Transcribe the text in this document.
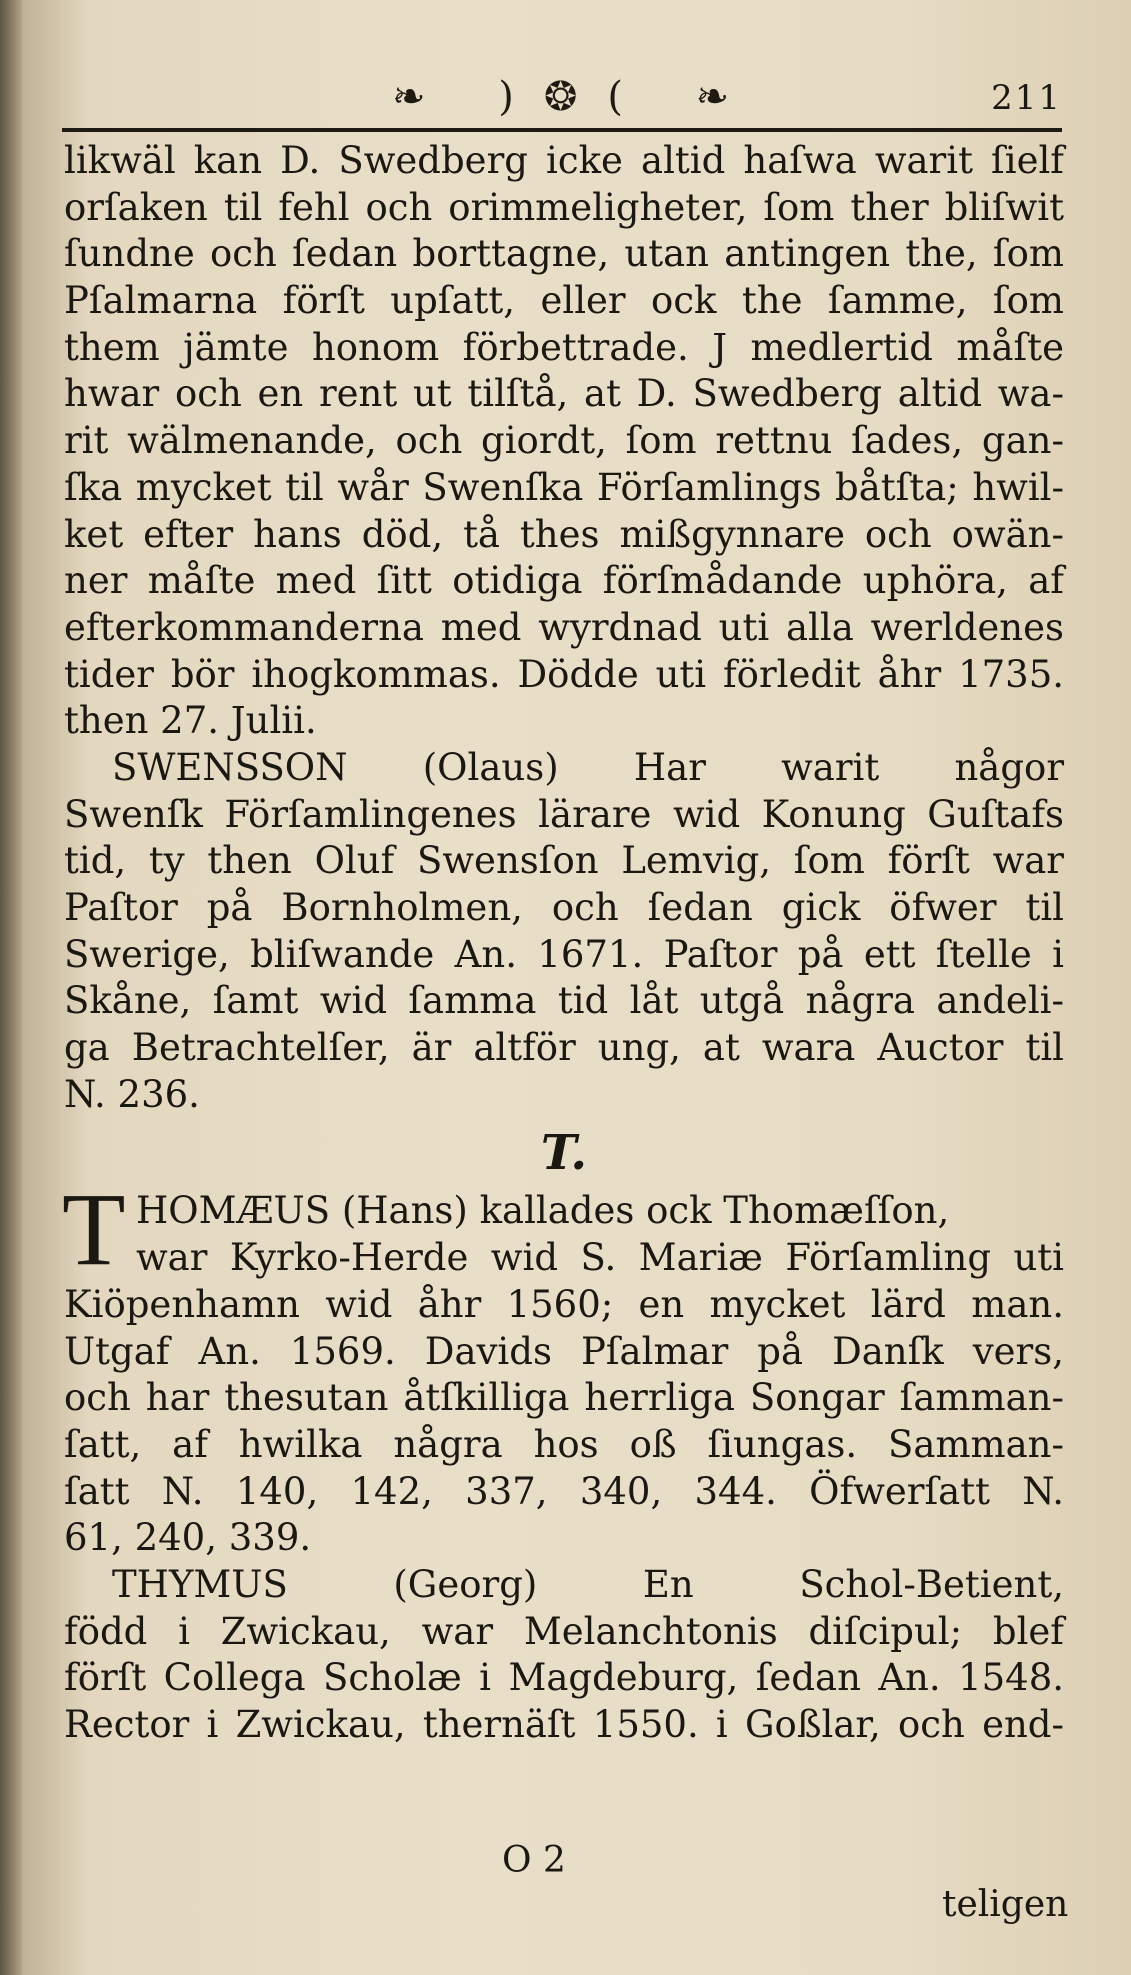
❧ )❂( ❧	211
likwäl kan D. Swedberg icke altid haſwa warit ſielf
orſaken til fehl och orimmeligheter, ſom ther bliſwit
ſundne och ſedan borttagne, utan antingen the, ſom
Pſalmarna förſt upſatt, eller ock the ſamme, ſom
them jämte honom förbettrade. J medlertid måſte
hwar och en rent ut tilſtå, at D. Swedberg altid wa-
rit wälmenande, och giordt, ſom rettnu ſades, gan-
ſka mycket til wår Swenſka Förſamlings båtſta; hwil-
ket efter hans död, tå thes mißgynnare och owän-
ner måſte med ſitt otidiga förſmådande uphöra, af
efterkommanderna med wyrdnad uti alla werldenes
tider bör ihogkommas. Dödde uti förledit åhr 1735.
then 27. Julii.
SWENSSON (Olaus) Har warit någor
Swenſk Förſamlingenes lärare wid Konung Guſtafs
tid, ty then Oluf Swensſon Lemvig, ſom förſt war
Paſtor på Bornholmen, och ſedan gick öfwer til
Swerige, bliſwande An. 1671. Paſtor på ett ſtelle i
Skåne, ſamt wid ſamma tid låt utgå några andeli-
ga Betrachtelſer, är altför ung, at wara Auctor til
N. 236.
T.
T HOMÆUS (Hans) kallades ock Thomæſſon,
war Kyrko-Herde wid S. Mariæ Förſamling uti
Kiöpenhamn wid åhr 1560; en mycket lärd man.
Utgaf An. 1569. Davids Pſalmar på Danſk vers,
och har thesutan åtſkilliga herrliga Songar ſamman-
ſatt, af hwilka några hos oß ſiungas. Samman-
ſatt N. 140, 142, 337, 340, 344. Öfwerſatt N.
61, 240, 339.
THYMUS (Georg) En Schol-Betient,
född i Zwickau, war Melanchtonis diſcipul; blef
förſt Collega Scholæ i Magdeburg, ſedan An. 1548.
Rector i Zwickau, thernäſt 1550. i Goßlar, och end-
O 2
teligen
